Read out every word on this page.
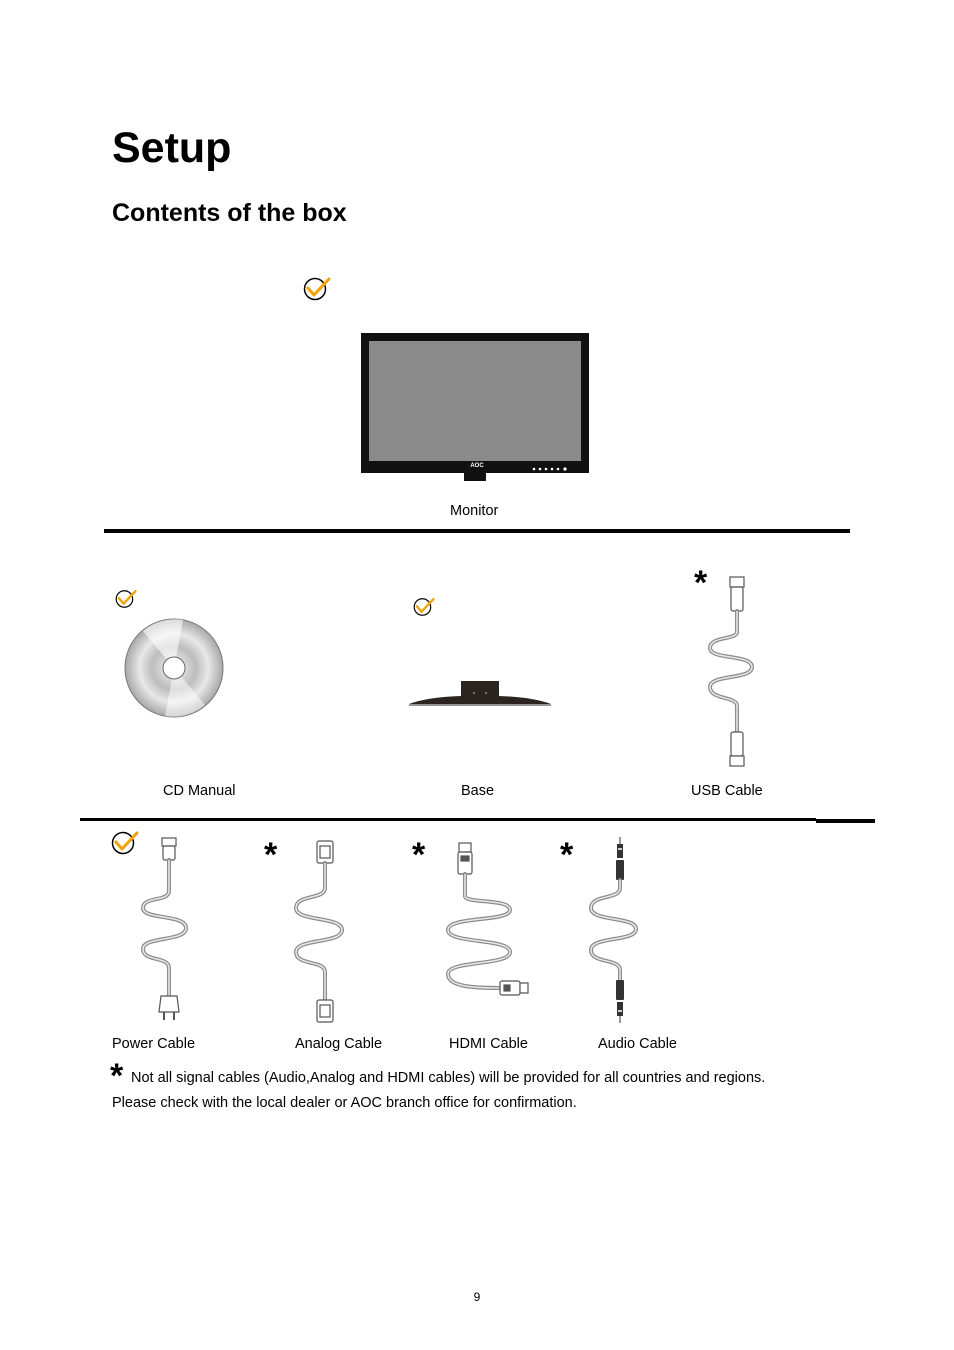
Setup
Contents of the box
AOC
Monitor
CD Manual	Base
*
USB Cable
Power Cable
*
Analog Cable
*
HDMI Cable
*
Audio Cable
* Not all signal cables (Audio,Analog and HDMI cables) will be provided for all countries and regions.
Please check with the local dealer or AOC branch office for confirmation.
9
